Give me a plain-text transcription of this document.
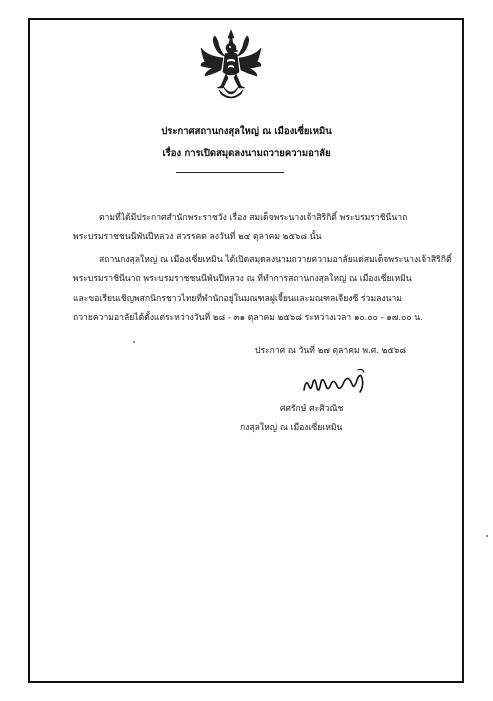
ประกาศสถานกงสุลใหญ่ ณ เมืองเซี่ยเหมิน
เรื่อง การเปิดสมุดลงนามถวายความอาลัย
ตามที่ได้มีประกาศสำนักพระราชวัง เรื่อง สมเด็จพระนางเจ้าสิริกิติ์ พระบรมราชินีนาถ
พระบรมราชชนนีพันปีหลวง สวรรคต ลงวันที่ ๒๔ ตุลาคม ๒๕๖๘ นั้น
สถานกงสุลใหญ่ ณ เมืองเซี่ยเหมิน ได้เปิดสมุดลงนามถวายความอาลัยแด่สมเด็จพระนางเจ้าสิริกิติ์
พระบรมราชินีนาถ พระบรมราชชนนีพันปีหลวง ณ ที่ทำการสถานกงสุลใหญ่ ณ เมืองเซี่ยเหมิน
และขอเรียนเชิญพสกนิกรชาวไทยที่พำนักอยู่ในมณฑลฝูเจี้ยนและมณฑลเจียงซี ร่วมลงนาม
ถวายความอาลัยได้ตั้งแต่ระหว่างวันที่ ๒๘ - ๓๑ ตุลาคม ๒๕๖๘ ระหว่างเวลา ๑๐.๐๐ - ๑๗.๐๐ น.
ประกาศ ณ วันที่ ๒๗ ตุลาคม พ.ศ. ๒๕๖๘
ศศรักษ์ ศะศิวณิช
กงสุลใหญ่ ณ เมืองเซี่ยเหมิน
